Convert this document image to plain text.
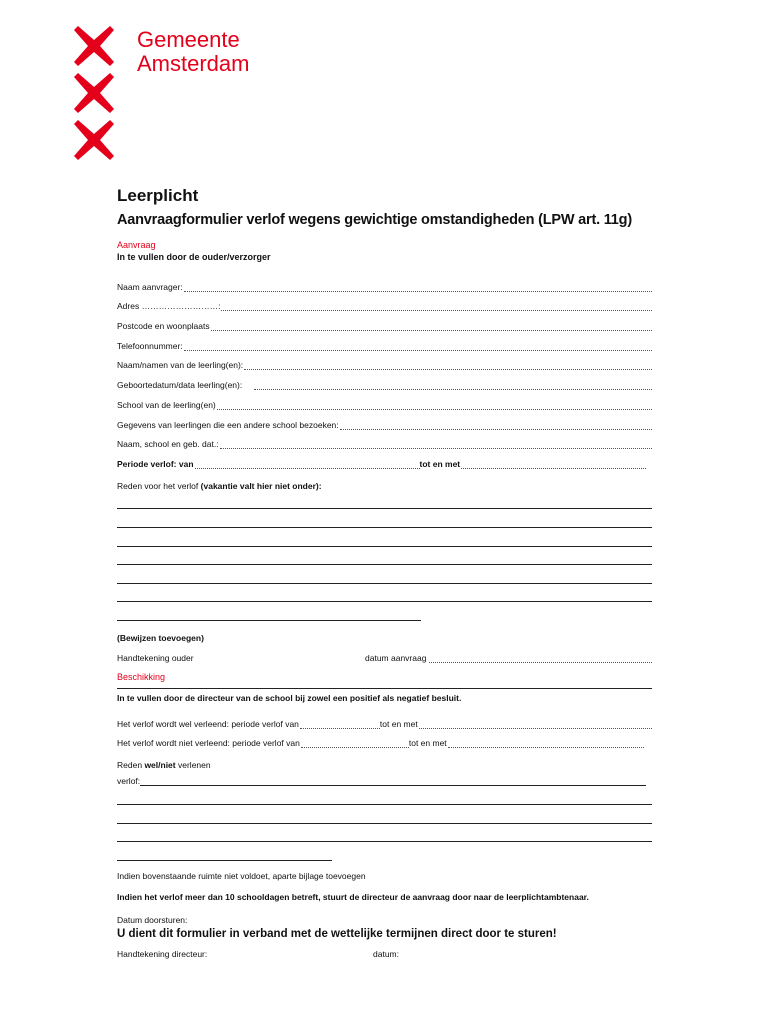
Gemeente
Amsterdam
Leerplicht
Aanvraagformulier verlof wegens gewichtige omstandigheden (LPW art. 11g)
Aanvraag
In te vullen door de ouder/verzorger
Naam aanvrager:
Adres ………………………:
Postcode en woonplaats
Telefoonnummer:
Naam/namen van de leerling(en):
Geboortedatum/data leerling(en):
School van de leerling(en)
Gegevens van leerlingen die een andere school bezoeken:
Naam, school en geb. dat.:
Periode verlof: van	tot en met
Reden voor het verlof
(vakantie valt hier niet onder):
(Bewijzen toevoegen)
Handtekening ouder	datum aanvraag
Beschikking
In te vullen door de directeur van de school bij zowel een positief als negatief besluit.
Het verlof wordt wel verleend: periode verlof van	tot en met
Het verlof wordt niet verleend: periode verlof van	tot en met
Reden
wel/niet
verlenen
verlof:
Indien bovenstaande ruimte niet voldoet, aparte bijlage toevoegen
Indien het verlof meer dan 10 schooldagen betreft, stuurt de directeur de aanvraag door naar de leerplichtambtenaar.
Datum doorsturen:
U dient dit formulier in verband met de wettelijke termijnen direct door te sturen!
Handtekening directeur:	datum:
